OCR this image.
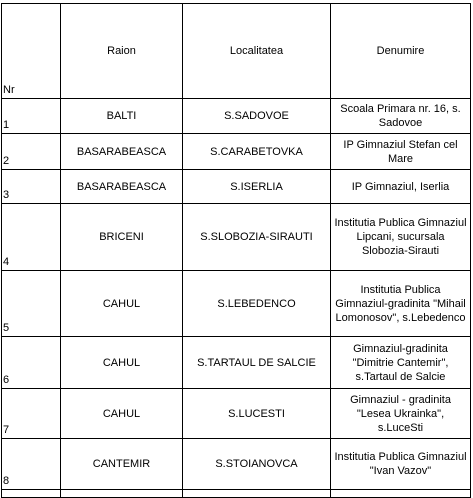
Nr	Raion	Localitatea	Denumire
1	BALTI	S.SADOVOE	Scoala Primara nr. 16, s. Sadovoe
2	BASARABEASCA	S.CARABETOVKA	IP Gimnaziul Stefan cel Mare
3	BASARABEASCA	S.ISERLIA	IP Gimnaziul, Iserlia
4	BRICENI	S.SLOBOZIA-SIRAUTI	Institutia Publica Gimnaziul Lipcani, sucursala Slobozia-Sirauti
5	CAHUL	S.LEBEDENCO	Institutia Publica Gimnaziul-gradinita "Mihail Lomonosov", s.Lebedenco
6	CAHUL	S.TARTAUL DE SALCIE	Gimnaziul-gradinita "Dimitrie Cantemir", s.Tartaul de Salcie
7	CAHUL	S.LUCESTI	Gimnaziul - gradinita "Lesea Ukrainka", s.LuceSti
8	CANTEMIR	S.STOIANOVCA	Institutia Publica Gimnaziul "Ivan Vazov"
